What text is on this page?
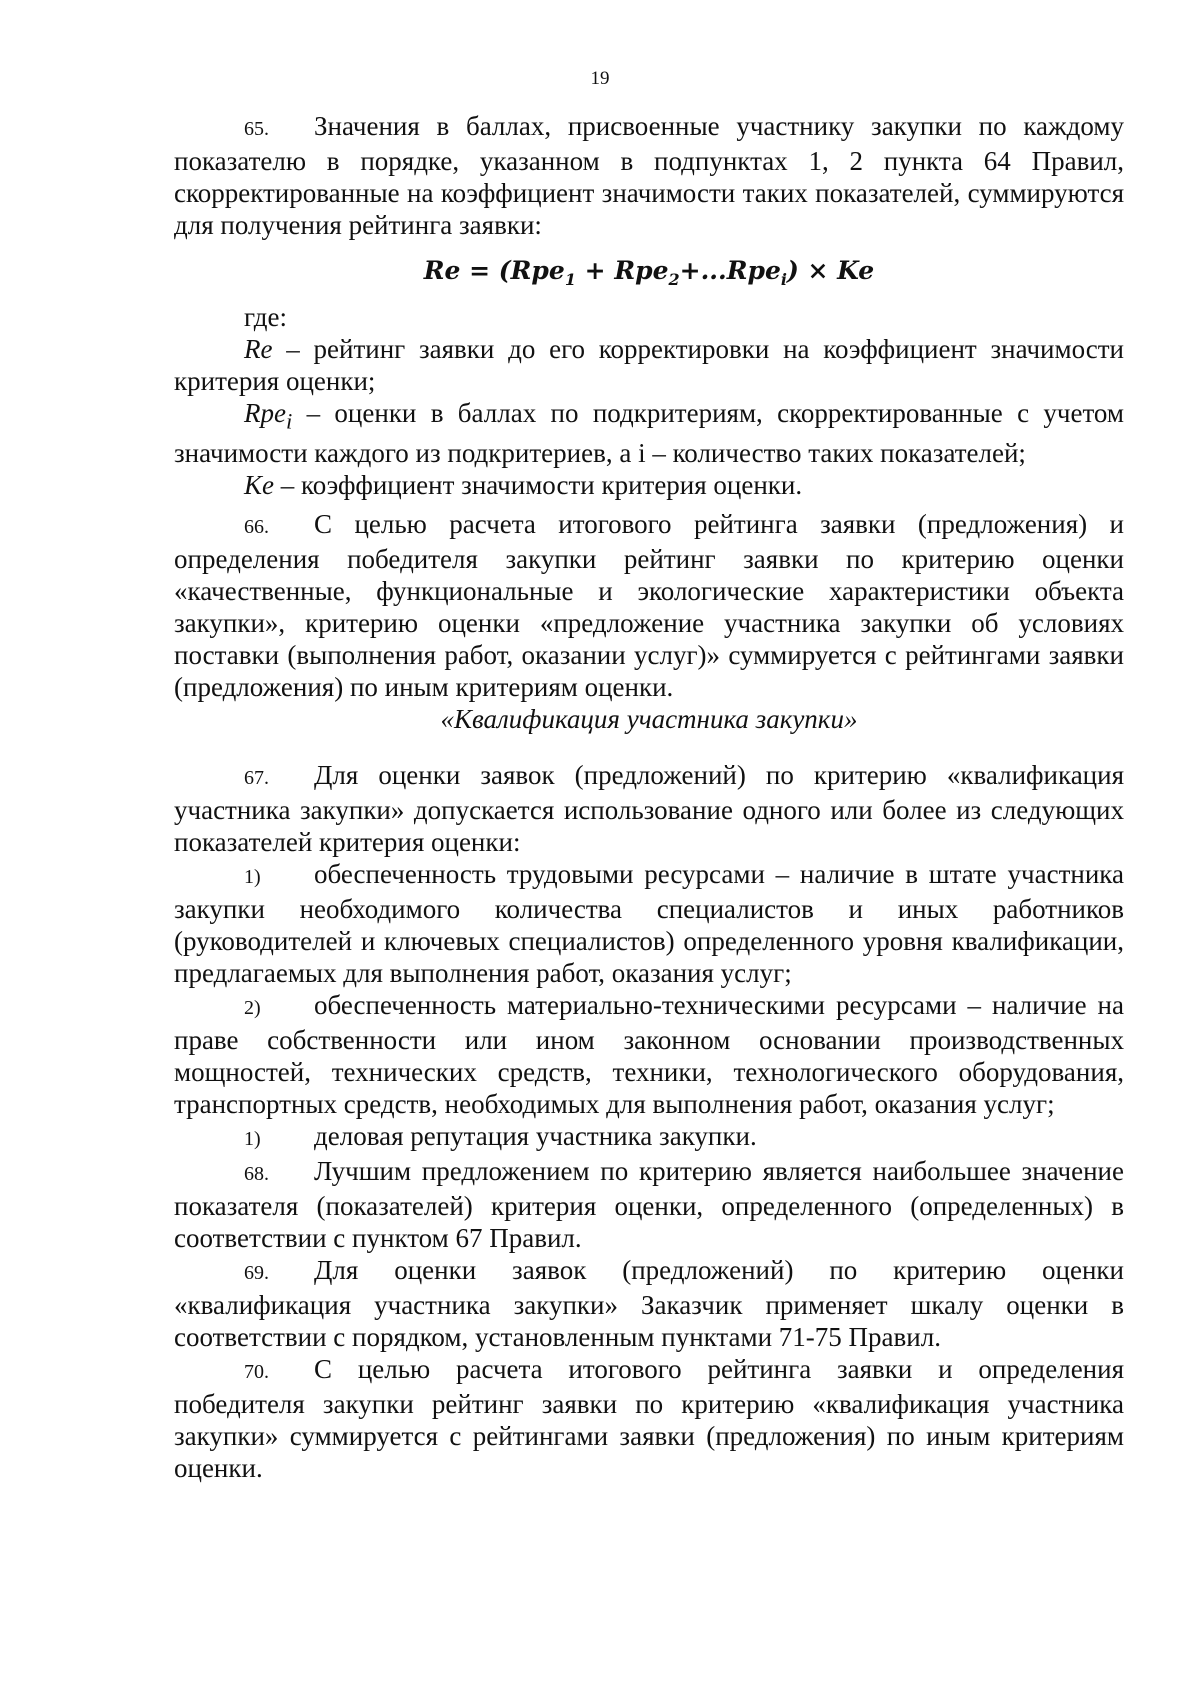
19

65. Значения в баллах, присвоенные участнику закупки по каждому показателю в порядке, указанном в подпунктах 1, 2 пункта 64 Правил, скорректированные на коэффициент значимости таких показателей, суммируются для получения рейтинга заявки:

Re = (Rpe$_1$ + Rpe$_2$+...Rpe$_i$) × Ke

где:

Re – рейтинг заявки до его корректировки на коэффициент значимости критерия оценки;

Rpe$_i$ – оценки в баллах по подкритериям, скорректированные с учетом значимости каждого из подкритериев, а i – количество таких показателей;

Ke – коэффициент значимости критерия оценки.

66. С целью расчета итогового рейтинга заявки (предложения) и определения победителя закупки рейтинг заявки по критерию оценки «качественные, функциональные и экологические характеристики объекта закупки», критерию оценки «предложение участника закупки об условиях поставки (выполнения работ, оказании услуг)» суммируется с рейтингами заявки (предложения) по иным критериям оценки.

«Квалификация участника закупки»

67. Для оценки заявок (предложений) по критерию «квалификация участника закупки» допускается использование одного или более из следующих показателей критерия оценки:

1) обеспеченность трудовыми ресурсами – наличие в штате участника закупки необходимого количества специалистов и иных работников (руководителей и ключевых специалистов) определенного уровня квалификации, предлагаемых для выполнения работ, оказания услуг;

2) обеспеченность материально-техническими ресурсами – наличие на праве собственности или ином законном основании производственных мощностей, технических средств, техники, технологического оборудования, транспортных средств, необходимых для выполнения работ, оказания услуг;

1) деловая репутация участника закупки.

68. Лучшим предложением по критерию является наибольшее значение показателя (показателей) критерия оценки, определенного (определенных) в соответствии с пунктом 67 Правил.

69. Для оценки заявок (предложений) по критерию оценки «квалификация участника закупки» Заказчик применяет шкалу оценки в соответствии с порядком, установленным пунктами 71-75 Правил.

70. С целью расчета итогового рейтинга заявки и определения победителя закупки рейтинг заявки по критерию «квалификация участника закупки» суммируется с рейтингами заявки (предложения) по иным критериям оценки.
